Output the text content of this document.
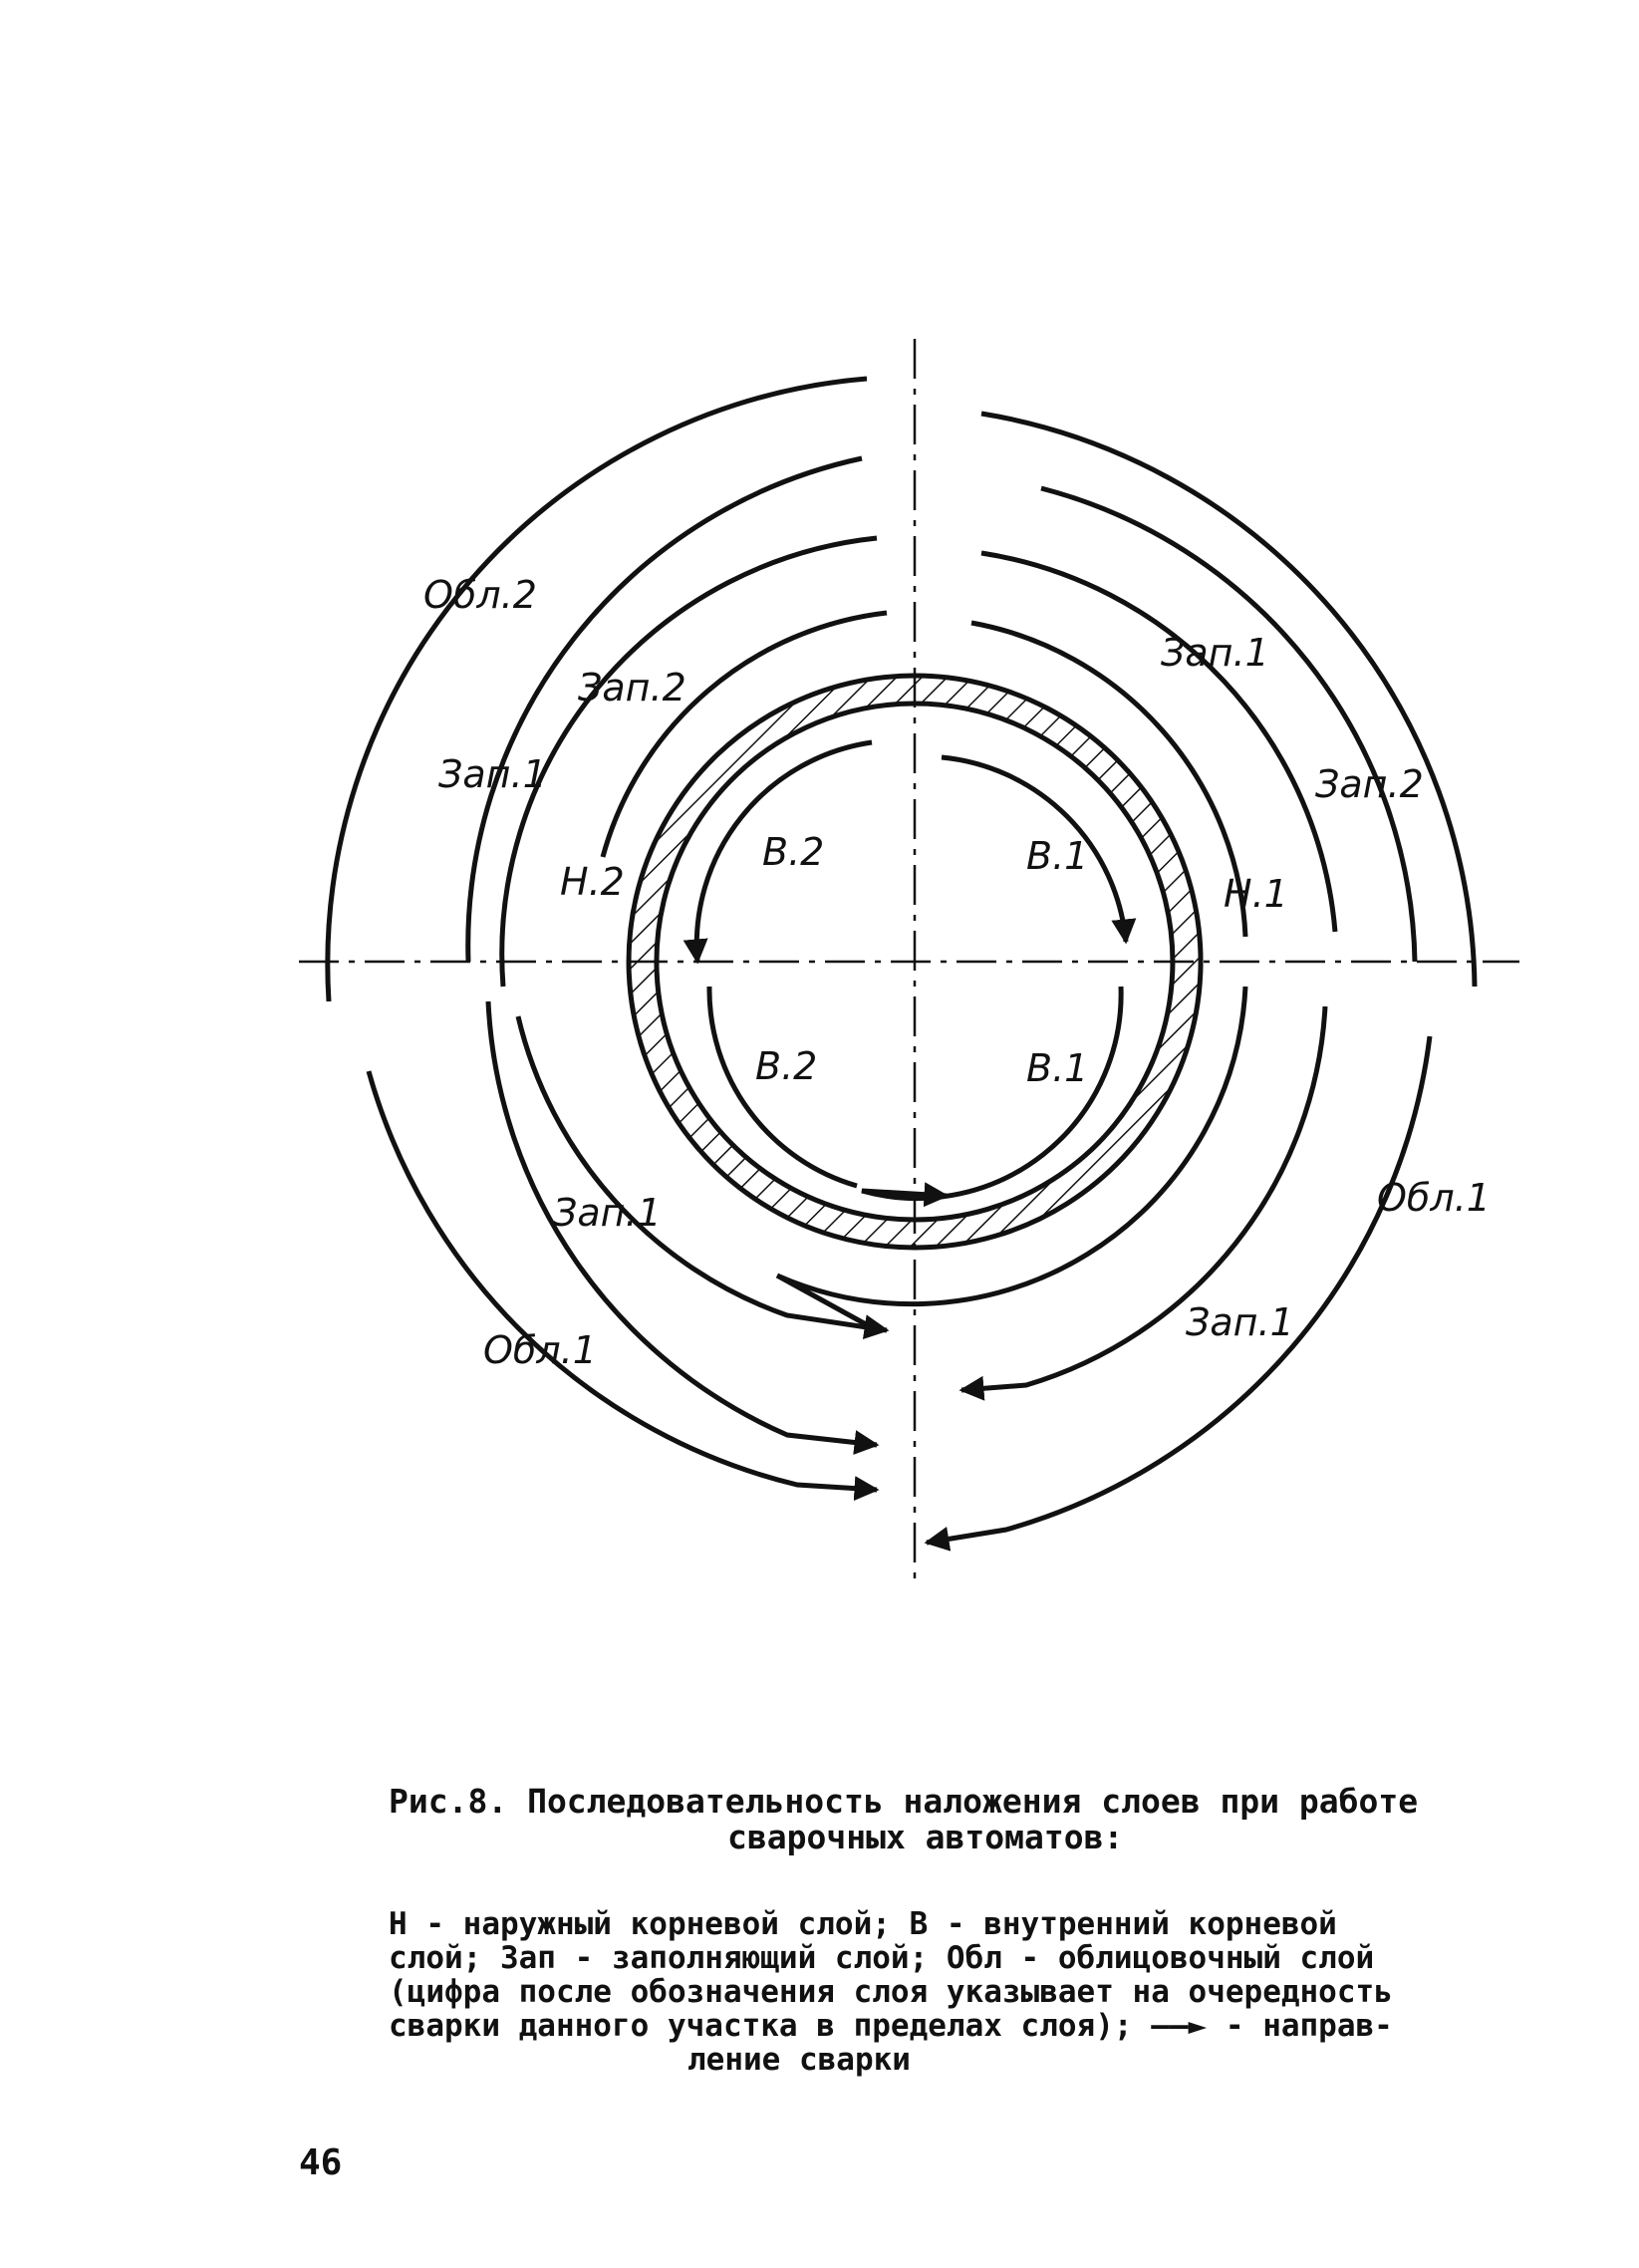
Обл.2
Зап.1
Зап.2
Зап.1	Зап.2
Н.2	Н.1
В.2	В.1
В.2	В.1
Зап.1	Обл.1
Зап.1
Обл.1
Рис.8. Последовательность наложения слоев при работе
сварочных автоматов:

Н - наружный корневой слой; В - внутренний корневой
слой; Зап - заполняющий слой; Обл - облицовочный слой
(цифра после обозначения слоя указывает на очередность
сварки данного участка в пределах слоя); ——► - направ-

ление сварки

46
